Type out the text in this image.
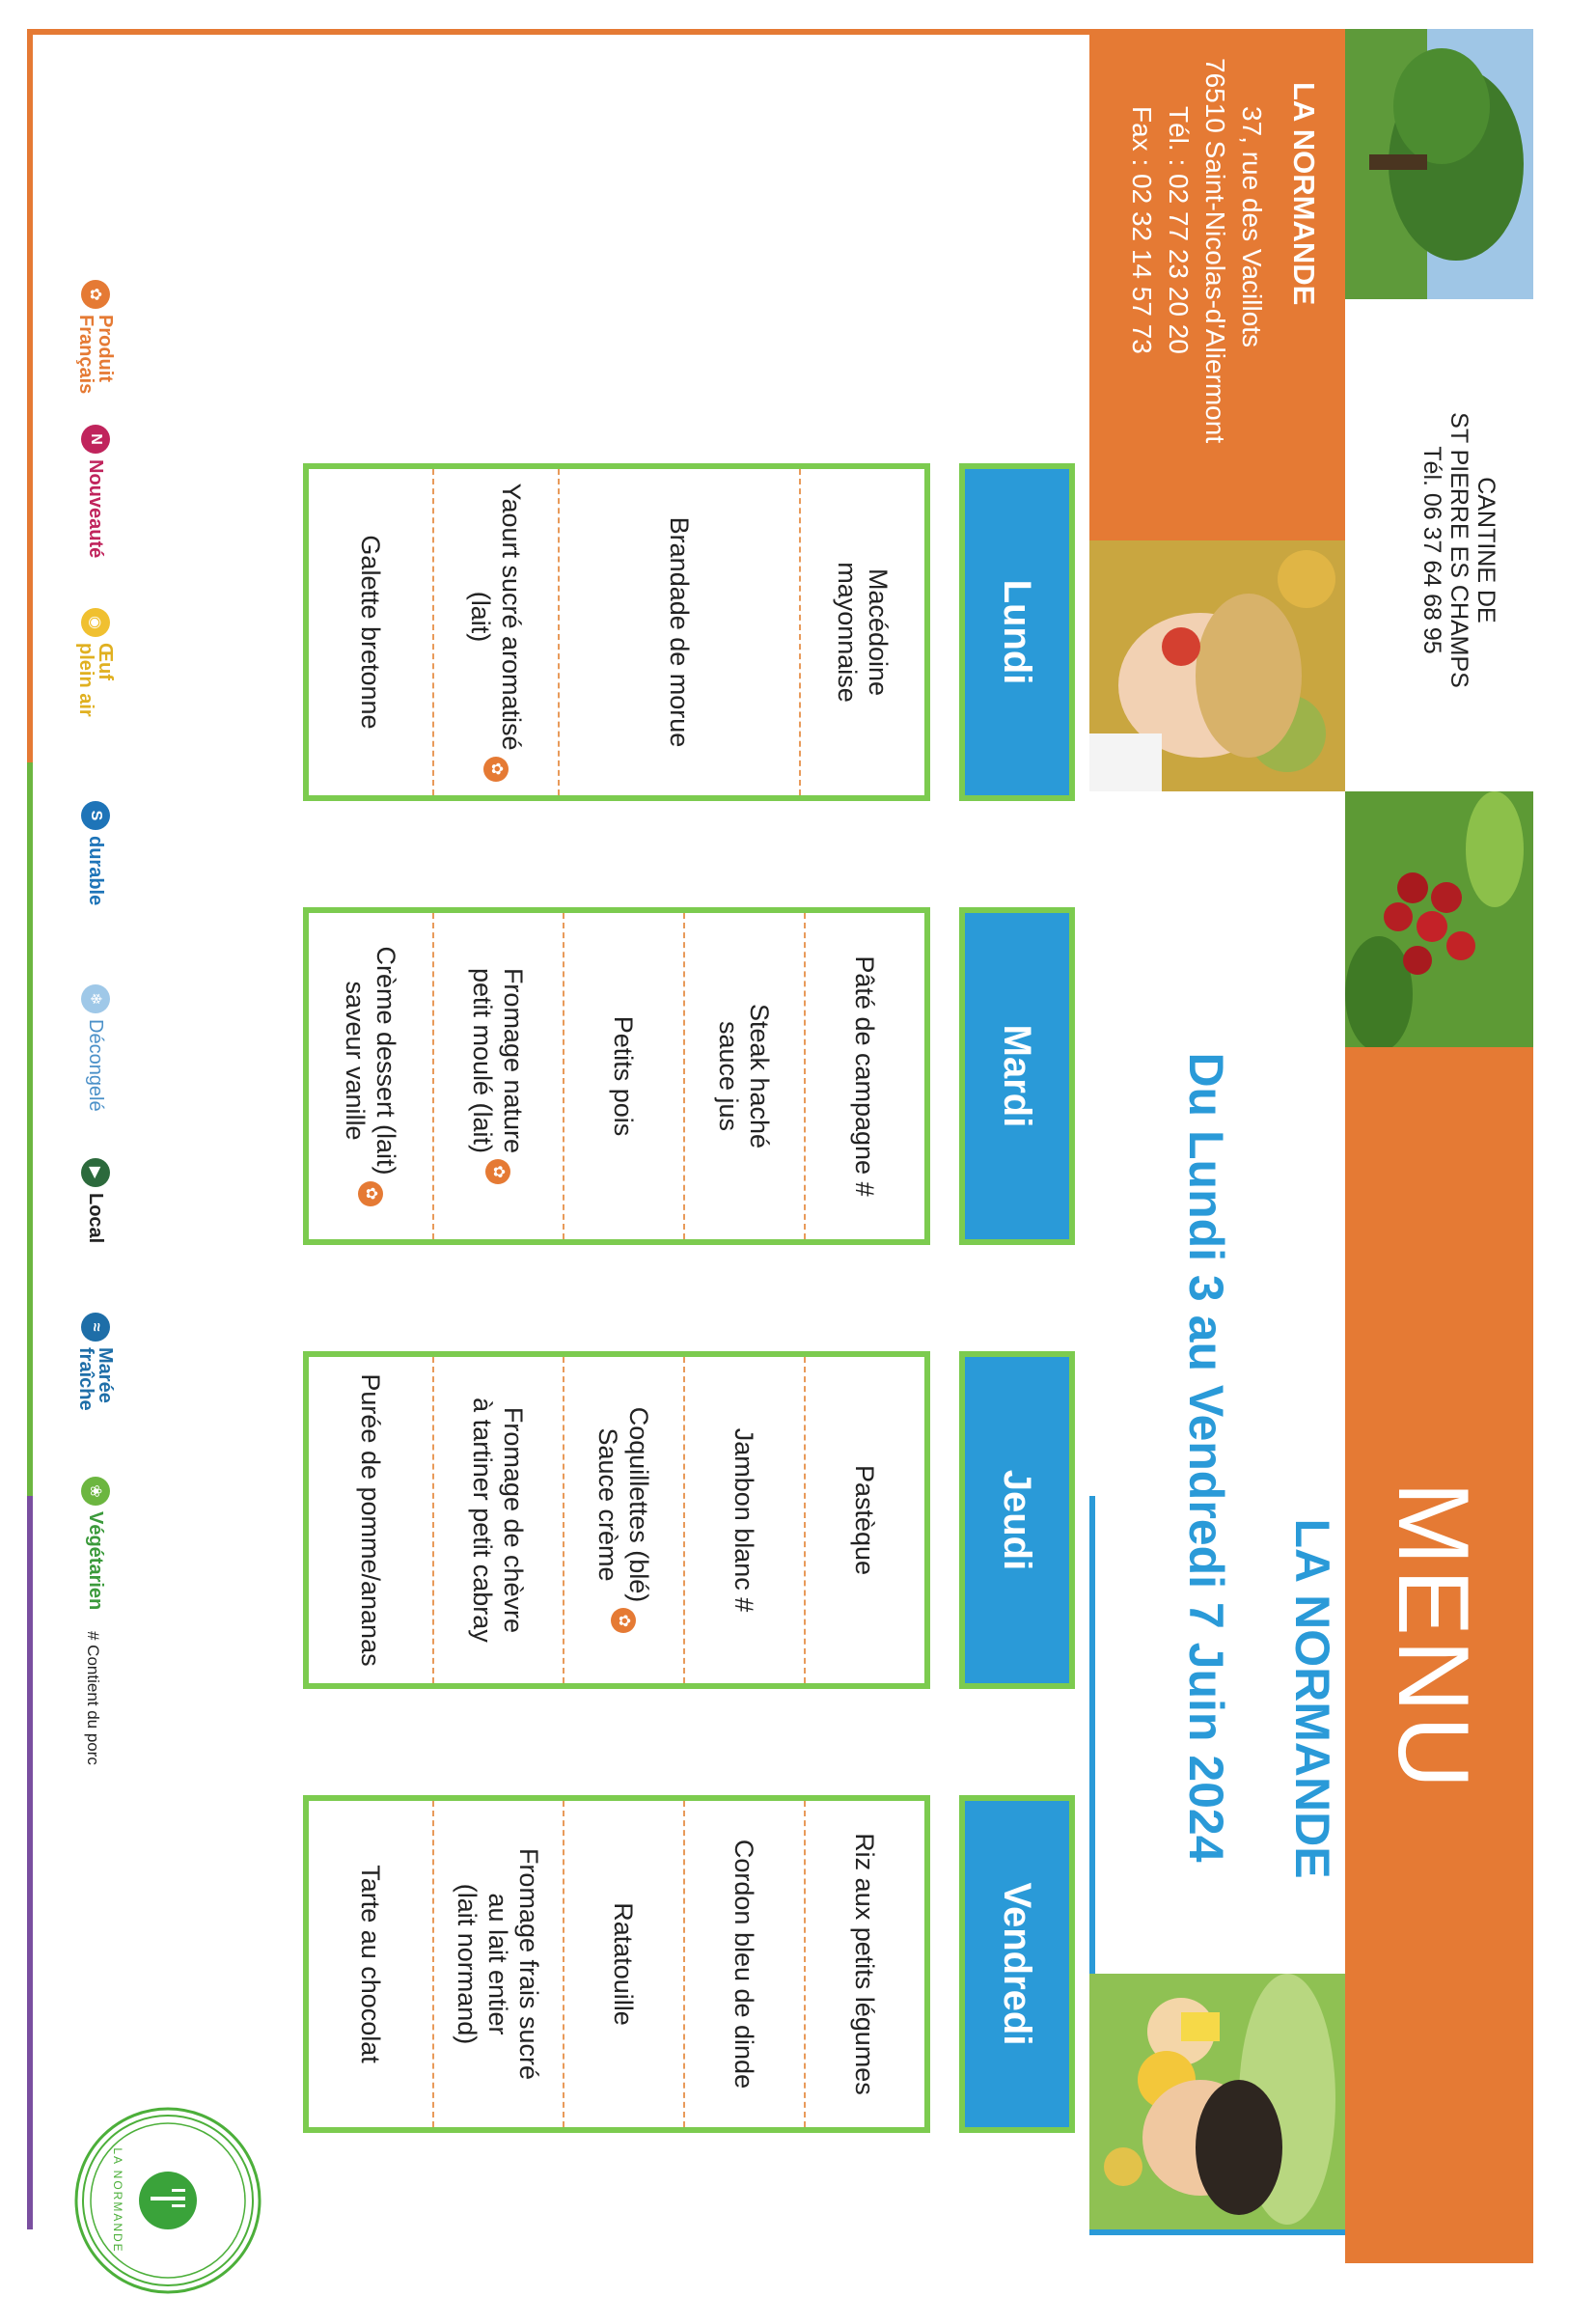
LA NORMANDE
37, rue des Vacillots
76510 Saint-Nicolas-d'Aliermont
Tél. : 02 77 23 20 20
Fax : 02 32 14 57 73
CANTINE DE
ST PIERRE ES CHAMPS
Tél. 06 37 64 68 95
MENU
LA NORMANDE
Du Lundi 3 au Vendredi 7 Juin 2024
Lundi
Mardi
Jeudi
Vendredi
Macédoine
mayonnaise
Brandade de morue
Yaourt sucré aromatisé
(lait)
✿
Galette bretonne
Pâté de campagne #
Steak haché
sauce jus
Petits pois
Fromage nature
petit moulé (lait)
✿
Crème dessert (lait)
saveur vanille
✿
Pastèque
Jambon blanc #
Coquillettes (blé)
Sauce crème
✿
Fromage de chèvre
à tartiner petit cabray
Purée de pomme/ananas
Riz aux petits légumes
Cordon bleu de dinde
Ratatouille
Fromage frais sucré
au lait entier
(lait normand)
Tarte au chocolat
✿
Produit
Français
N
Nouveauté
◉
Œuf
plein air
S
durable
❄
Décongelé
▶
Local
≈
Marée
fraîche
❀
Végétarien
# Contient du porc
LA NORMANDE
